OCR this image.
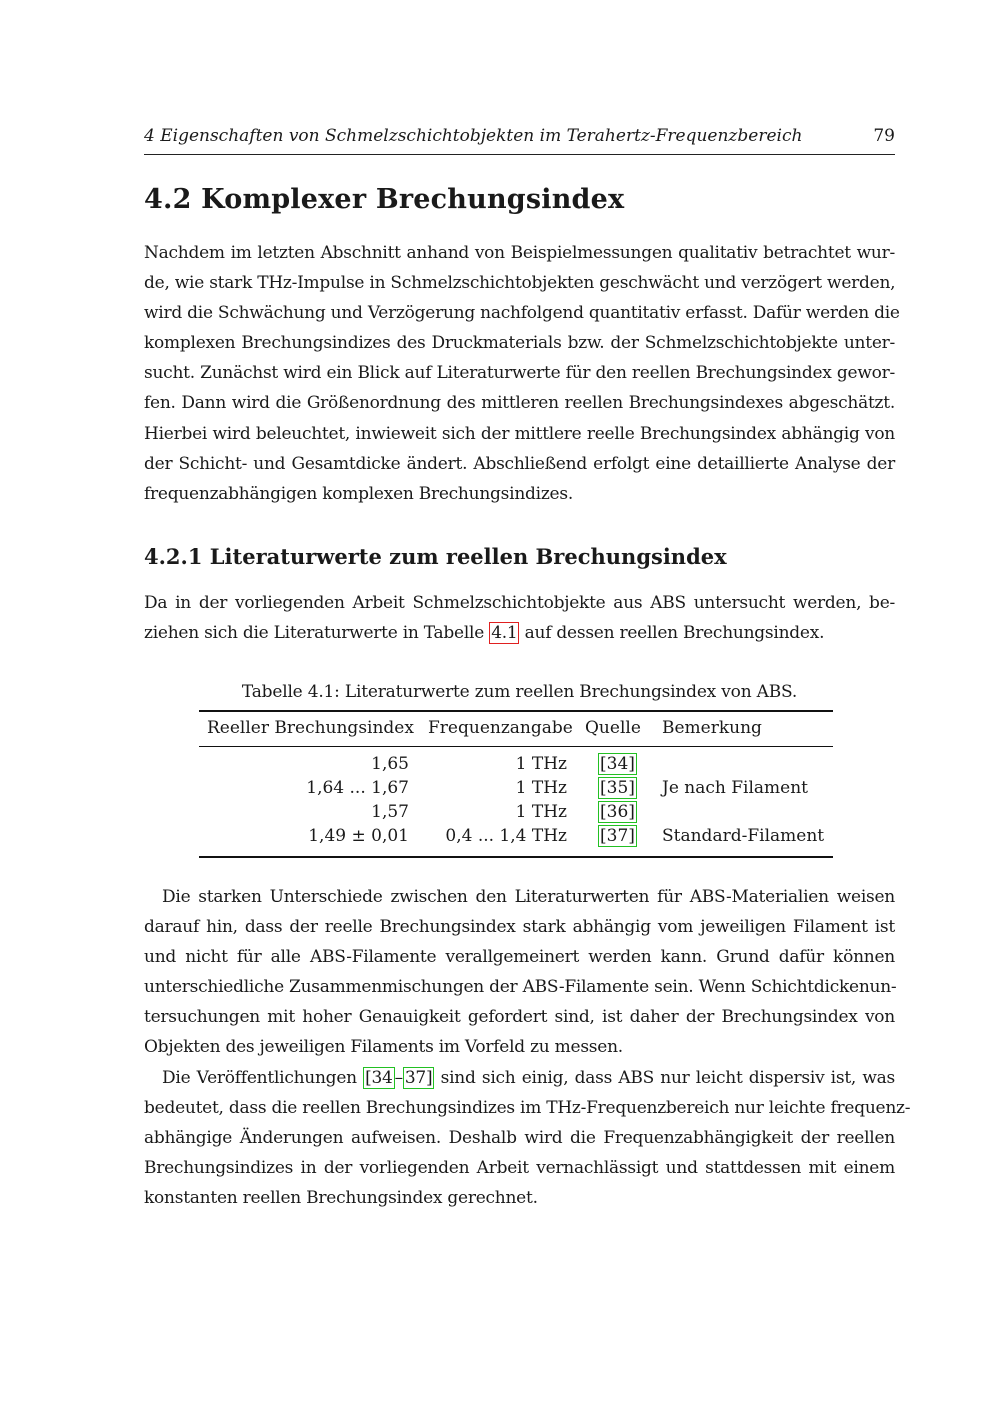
4 Eigenschaften von Schmelzschichtobjekten im Terahertz-Frequenzbereich	79
4.2 Komplexer Brechungsindex
Nachdem im letzten Abschnitt anhand von Beispielmessungen qualitativ betrachtet wur-
de, wie stark THz-Impulse in Schmelzschichtobjekten geschwächt und verzögert werden,
wird die Schwächung und Verzögerung nachfolgend quantitativ erfasst. Dafür werden die
komplexen Brechungsindizes des Druckmaterials bzw. der Schmelzschichtobjekte unter-
sucht. Zunächst wird ein Blick auf Literaturwerte für den reellen Brechungsindex gewor-
fen. Dann wird die Größenordnung des mittleren reellen Brechungsindexes abgeschätzt.
Hierbei wird beleuchtet, inwieweit sich der mittlere reelle Brechungsindex abhängig von
der Schicht- und Gesamtdicke ändert. Abschließend erfolgt eine detaillierte Analyse der
frequenzabhängigen komplexen Brechungsindizes.
4.2.1 Literaturwerte zum reellen Brechungsindex
Da in der vorliegenden Arbeit Schmelzschichtobjekte aus ABS untersucht werden, be-
ziehen sich die Literaturwerte in Tabelle 4.1 auf dessen reellen Brechungsindex.
Tabelle 4.1: Literaturwerte zum reellen Brechungsindex von ABS.
Reeller Brechungsindex Frequenzangabe Quelle Bemerkung
1,65	1 THz [34]
1,64 ... 1,67	1 THz [35] Je nach Filament
1,57	1 THz [36]
1,49 ± 0,01 0,4 ... 1,4 THz [37] Standard-Filament
Die starken Unterschiede zwischen den Literaturwerten für ABS-Materialien weisen
darauf hin, dass der reelle Brechungsindex stark abhängig vom jeweiligen Filament ist
und nicht für alle ABS-Filamente verallgemeinert werden kann. Grund dafür können
unterschiedliche Zusammenmischungen der ABS-Filamente sein. Wenn Schichtdickenun-
tersuchungen mit hoher Genauigkeit gefordert sind, ist daher der Brechungsindex von
Objekten des jeweiligen Filaments im Vorfeld zu messen.
Die Veröffentlichungen [34 – 37] sind sich einig, dass ABS nur leicht dispersiv ist, was
bedeutet, dass die reellen Brechungsindizes im THz-Frequenzbereich nur leichte frequenz-
abhängige Änderungen aufweisen. Deshalb wird die Frequenzabhängigkeit der reellen
Brechungsindizes in der vorliegenden Arbeit vernachlässigt und stattdessen mit einem
konstanten reellen Brechungsindex gerechnet.
